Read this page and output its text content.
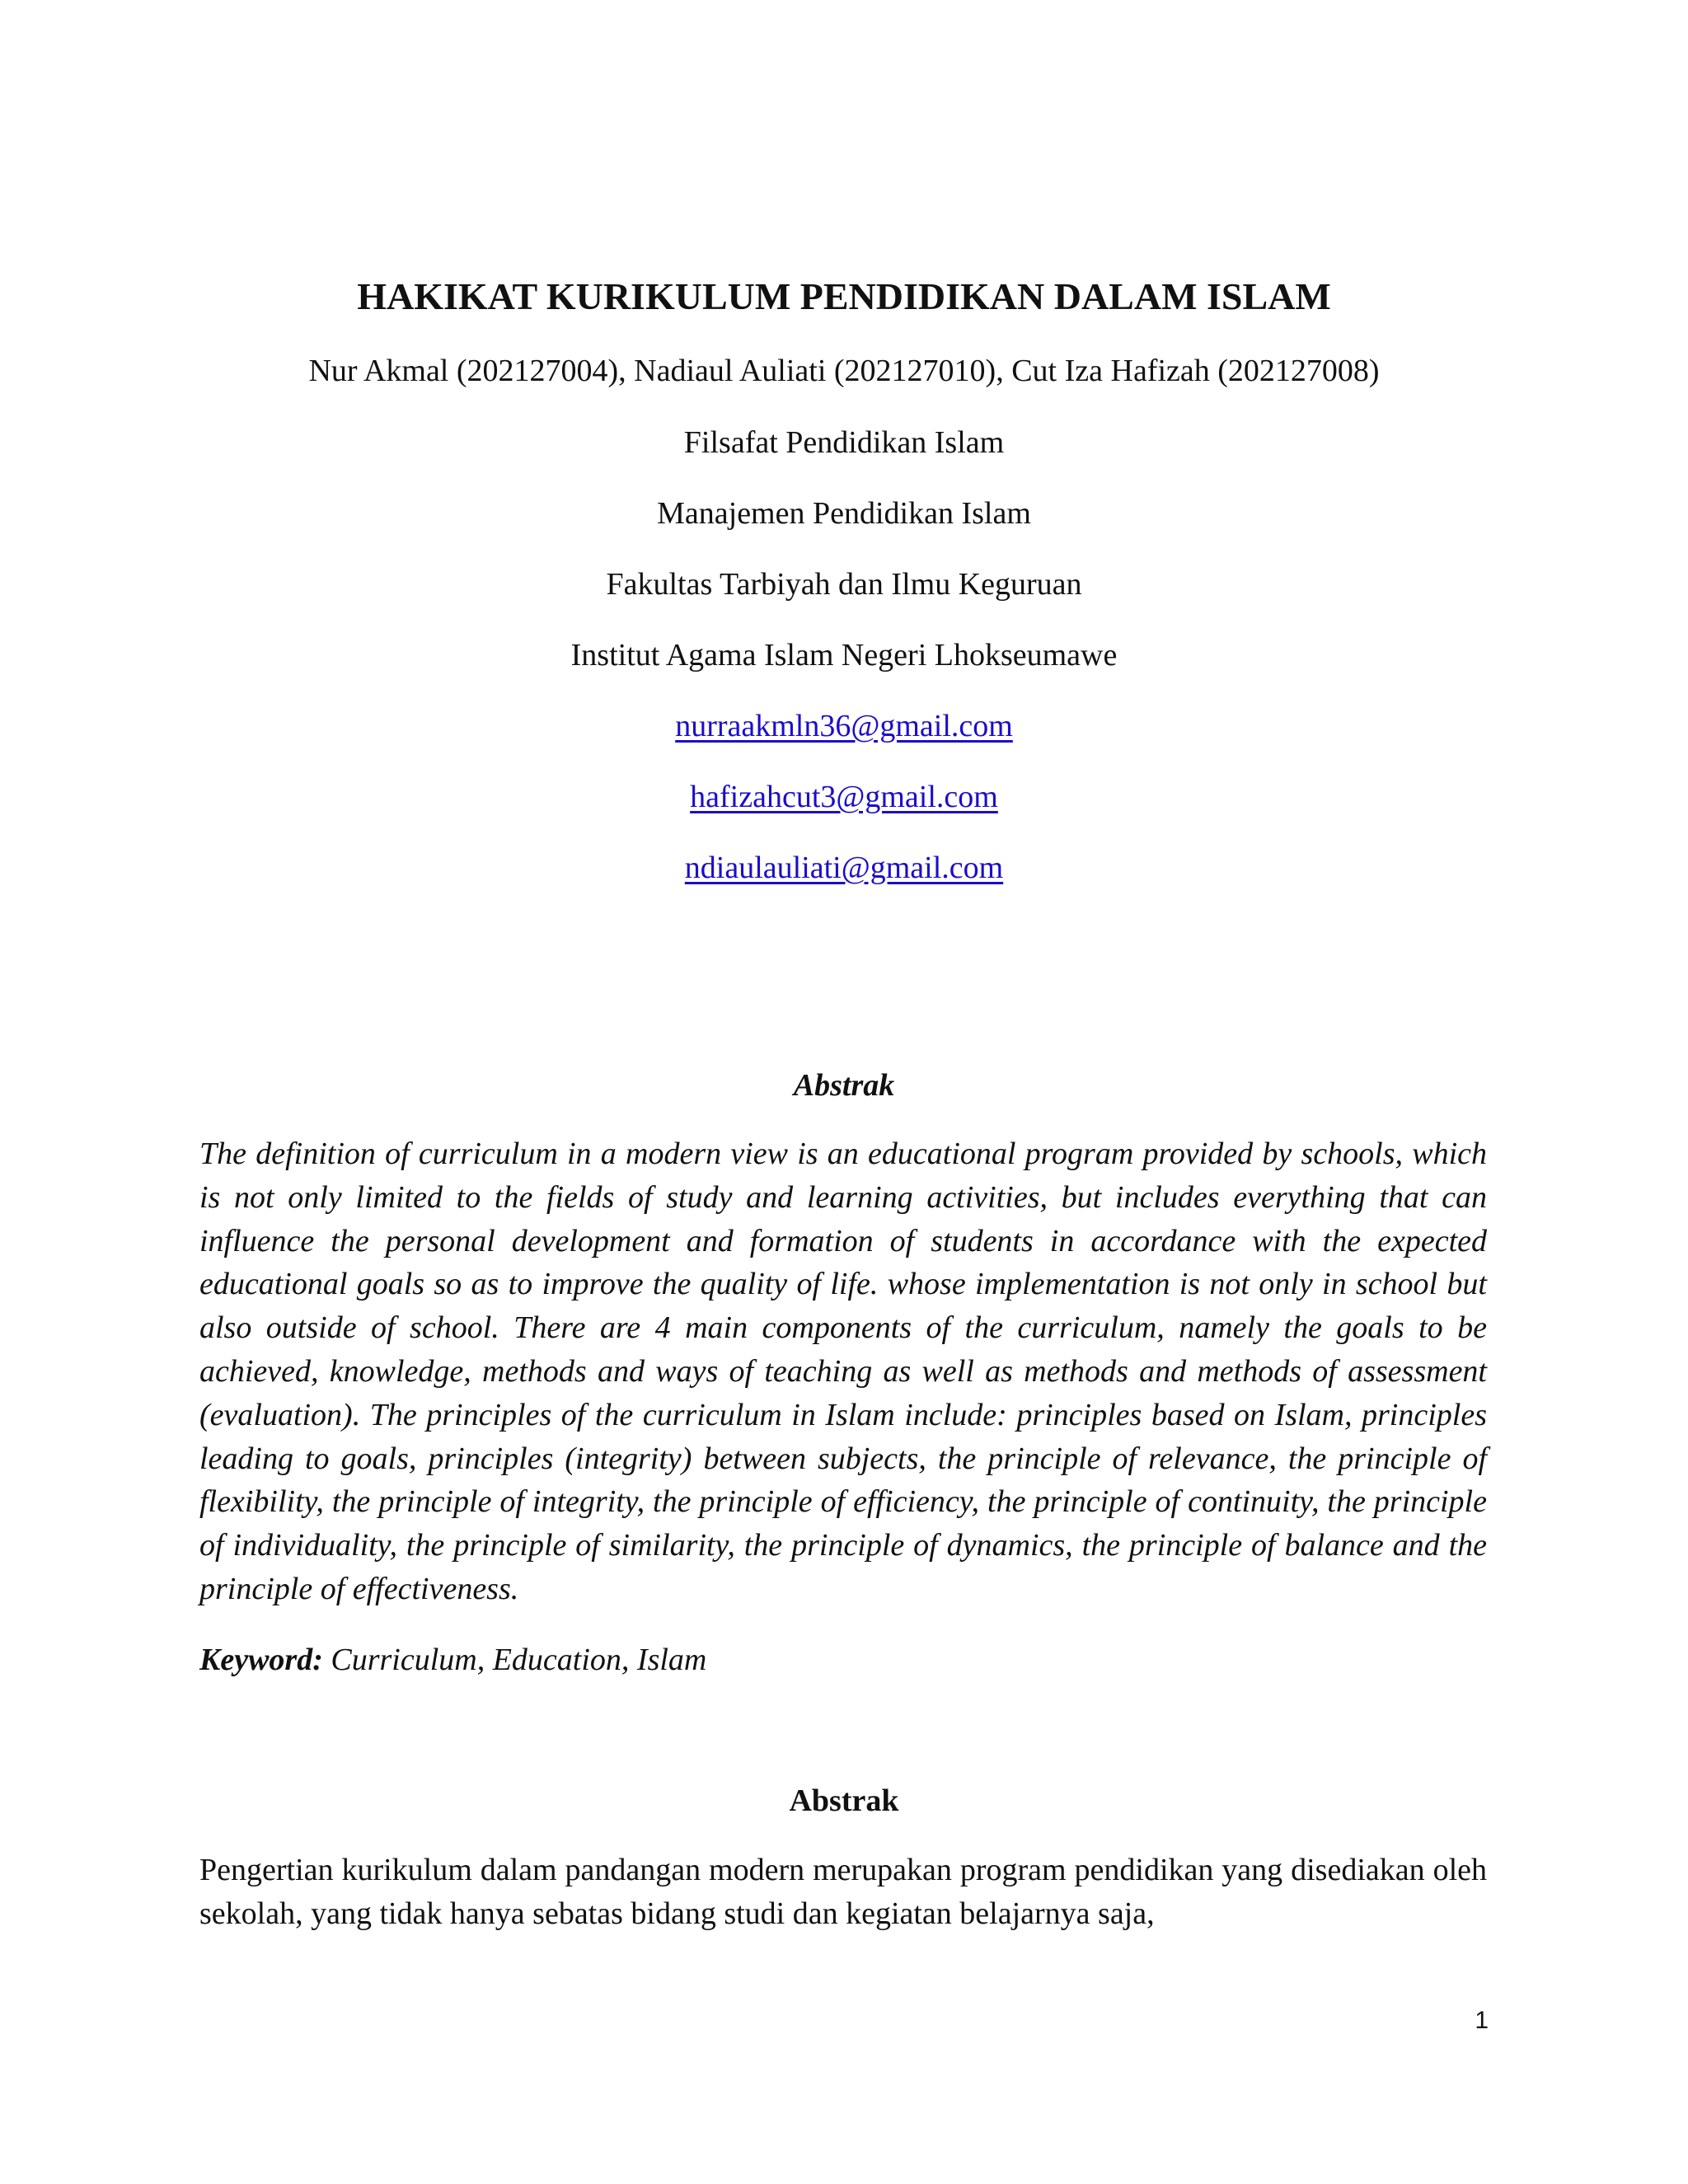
HAKIKAT KURIKULUM PENDIDIKAN DALAM ISLAM

Nur Akmal (202127004), Nadiaul Auliati (202127010), Cut Iza Hafizah (202127008)

Filsafat Pendidikan Islam

Manajemen Pendidikan Islam

Fakultas Tarbiyah dan Ilmu Keguruan

Institut Agama Islam Negeri Lhokseumawe

nurraakmln36@gmail.com

hafizahcut3@gmail.com

ndiaulauliati@gmail.com

Abstrak

The definition of curriculum in a modern view is an educational program provided by schools, which is not only limited to the fields of study and learning activities, but includes everything that can influence the personal development and formation of students in accordance with the expected educational goals so as to improve the quality of life. whose implementation is not only in school but also outside of school. There are 4 main components of the curriculum, namely the goals to be achieved, knowledge, methods and ways of teaching as well as methods and methods of assessment (evaluation). The principles of the curriculum in Islam include: principles based on Islam, principles leading to goals, principles (integrity) between subjects, the principle of relevance, the principle of flexibility, the principle of integrity, the principle of efficiency, the principle of continuity, the principle of individuality, the principle of similarity, the principle of dynamics, the principle of balance and the principle of effectiveness.

Keyword: Curriculum, Education, Islam

Abstrak

Pengertian kurikulum dalam pandangan modern merupakan program pendidikan yang disediakan oleh sekolah, yang tidak hanya sebatas bidang studi dan kegiatan belajarnya saja,

1
